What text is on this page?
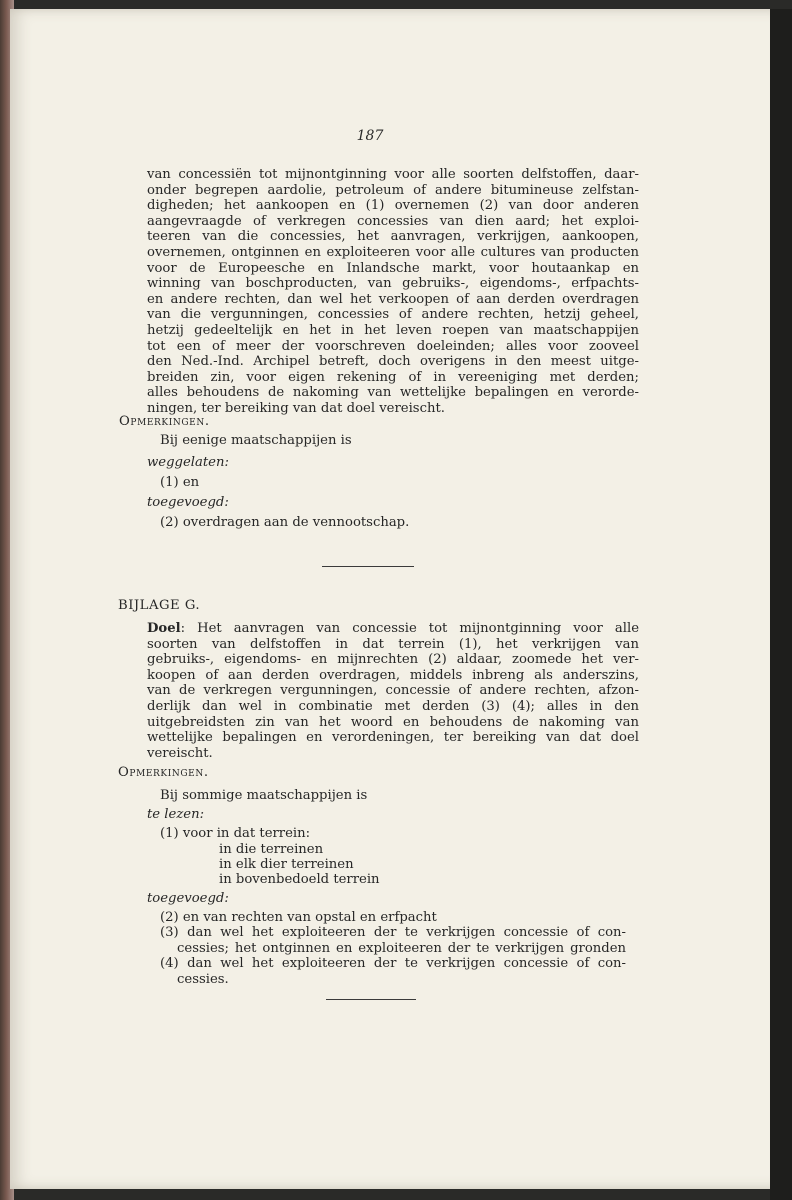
187
van concessiën tot mijnontginning voor alle soorten delfstoffen, daar-
onder begrepen aardolie, petroleum of andere bitumineuse zelfstan-
digheden; het aankoopen en (1) overnemen (2) van door anderen
aangevraagde of verkregen concessies van dien aard; het exploi-
teeren van die concessies, het aanvragen, verkrijgen, aankoopen,
overnemen, ontginnen en exploiteeren voor alle cultures van producten
voor de Europeesche en Inlandsche markt, voor houtaankap en
winning van boschproducten, van gebruiks-, eigendoms-, erfpachts-
en andere rechten, dan wel het verkoopen of aan derden overdragen
van die vergunningen, concessies of andere rechten, hetzij geheel,
hetzij gedeeltelijk en het in het leven roepen van maatschappijen
tot een of meer der voorschreven doeleinden; alles voor zooveel
den Ned.-Ind. Archipel betreft, doch overigens in den meest uitge-
breiden zin, voor eigen rekening of in vereeniging met derden;
alles behoudens de nakoming van wettelijke bepalingen en verorde-
ningen, ter bereiking van dat doel vereischt.
Opmerkingen.
Bij eenige maatschappijen is
weggelaten:
(1) en
toegevoegd:
(2) overdragen aan de vennootschap.
BIJLAGE G.
Doel: Het aanvragen van concessie tot mijnontginning voor alle
soorten van delfstoffen in dat terrein (1), het verkrijgen van
gebruiks-, eigendoms- en mijnrechten (2) aldaar, zoomede het ver-
koopen of aan derden overdragen, middels inbreng als anderszins,
van de verkregen vergunningen, concessie of andere rechten, afzon-
derlijk dan wel in combinatie met derden (3) (4); alles in den
uitgebreidsten zin van het woord en behoudens de nakoming van
wettelijke bepalingen en verordeningen, ter bereiking van dat doel
vereischt.
Opmerkingen.
Bij sommige maatschappijen is
te lezen:
(1) voor in dat terrein:
in die terreinen
in elk dier terreinen
in bovenbedoeld terrein
toegevoegd:
(2) en van rechten van opstal en erfpacht
(3) dan wel het exploiteeren der te verkrijgen concessie of con-
cessies; het ontginnen en exploiteeren der te verkrijgen gronden
(4) dan wel het exploiteeren der te verkrijgen concessie of con-
cessies.
